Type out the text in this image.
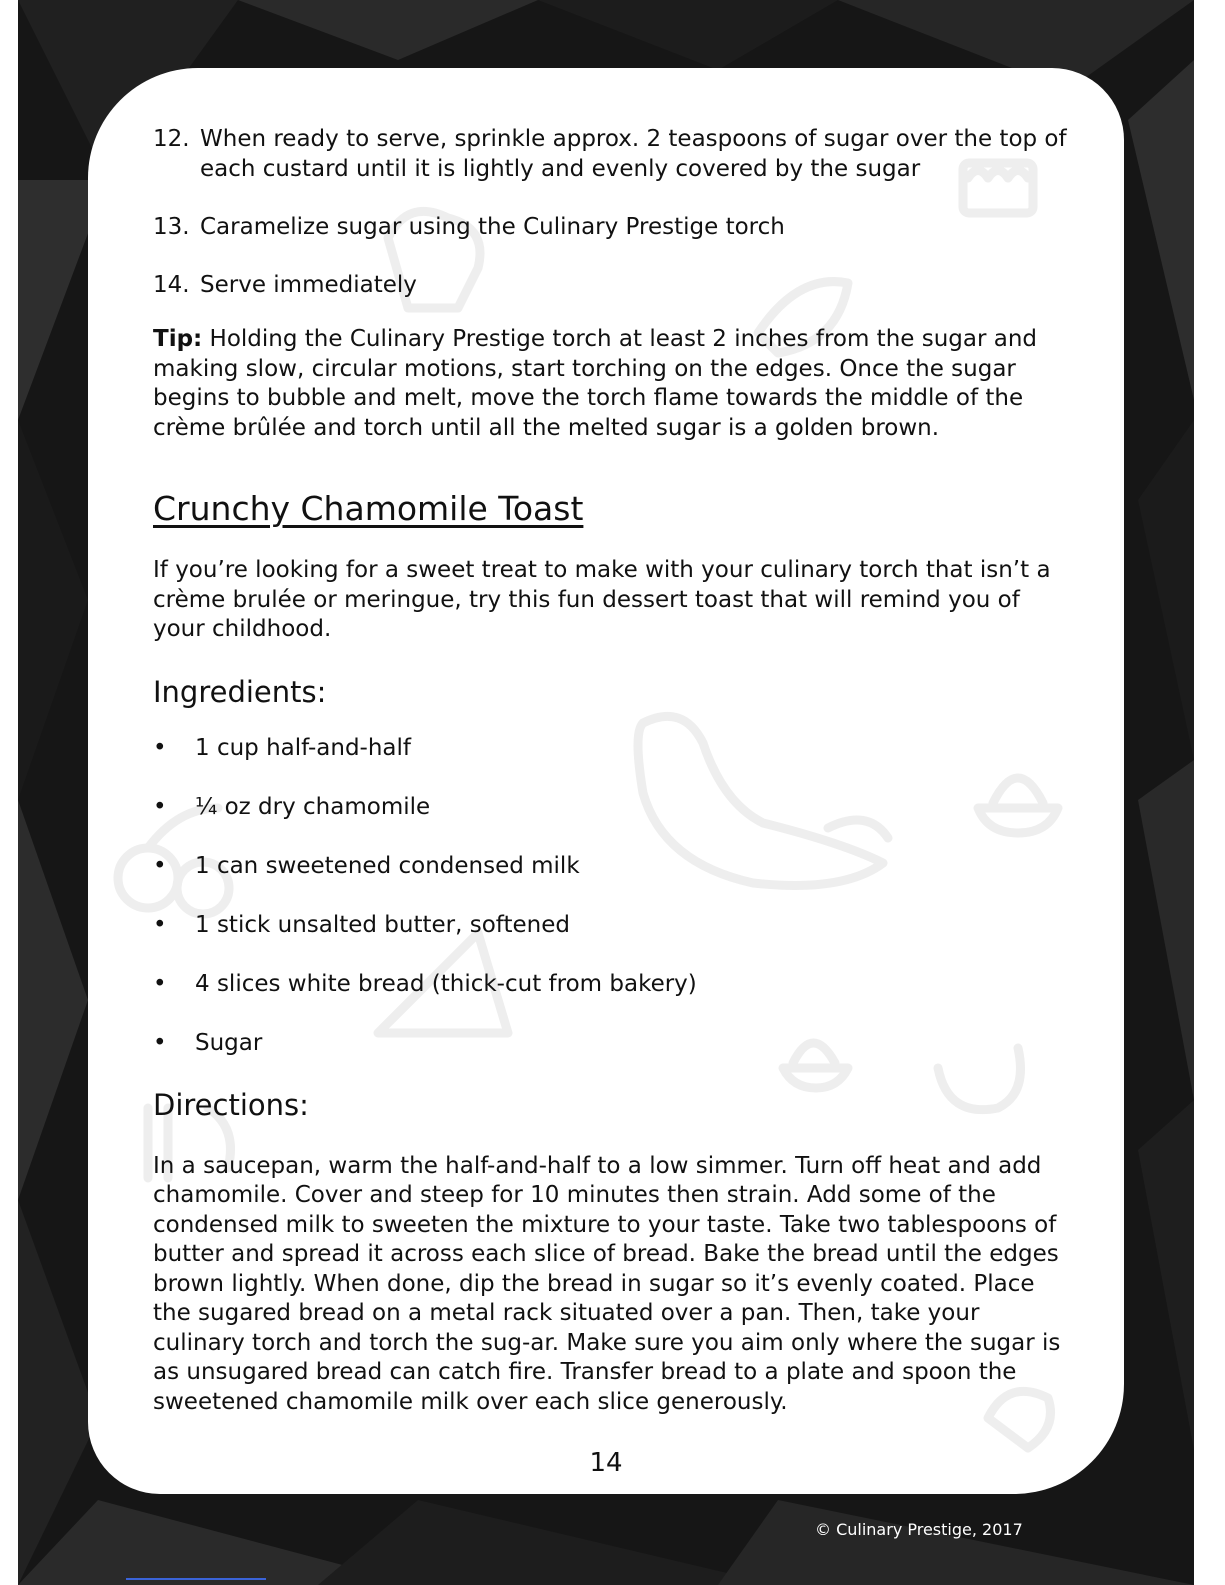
12. When ready to serve, sprinkle approx. 2 teaspoons of sugar over the top of each custard until it is lightly and evenly covered by the sugar

13. Caramelize sugar using the Culinary Prestige torch

14. Serve immediately

Tip: Holding the Culinary Prestige torch at least 2 inches from the sugar and making slow, circular motions, start torching on the edges. Once the sugar begins to bubble and melt, move the torch flame towards the middle of the crème brûlée and torch until all the melted sugar is a golden brown.

Crunchy Chamomile Toast

If you’re looking for a sweet treat to make with your culinary torch that isn’t a crème brulée or meringue, try this fun dessert toast that will remind you of your childhood.

Ingredients:
• 1 cup half-and-half
• ¼ oz dry chamomile
• 1 can sweetened condensed milk
• 1 stick unsalted butter, softened
• 4 slices white bread (thick-cut from bakery)
• Sugar
Directions:

In a saucepan, warm the half-and-half to a low simmer. Turn off heat and add chamomile. Cover and steep for 10 minutes then strain. Add some of the condensed milk to sweeten the mixture to your taste. Take two tablespoons of butter and spread it across each slice of bread. Bake the bread until the edges brown lightly. When done, dip the bread in sugar so it’s evenly coated. Place the sugared bread on a metal rack situated over a pan. Then, take your culinary torch and torch the sug-ar. Make sure you aim only where the sugar is as unsugared bread can catch fire. Transfer bread to a plate and spoon the sweetened chamomile milk over each slice generously.

14
© Culinary Prestige, 2017
